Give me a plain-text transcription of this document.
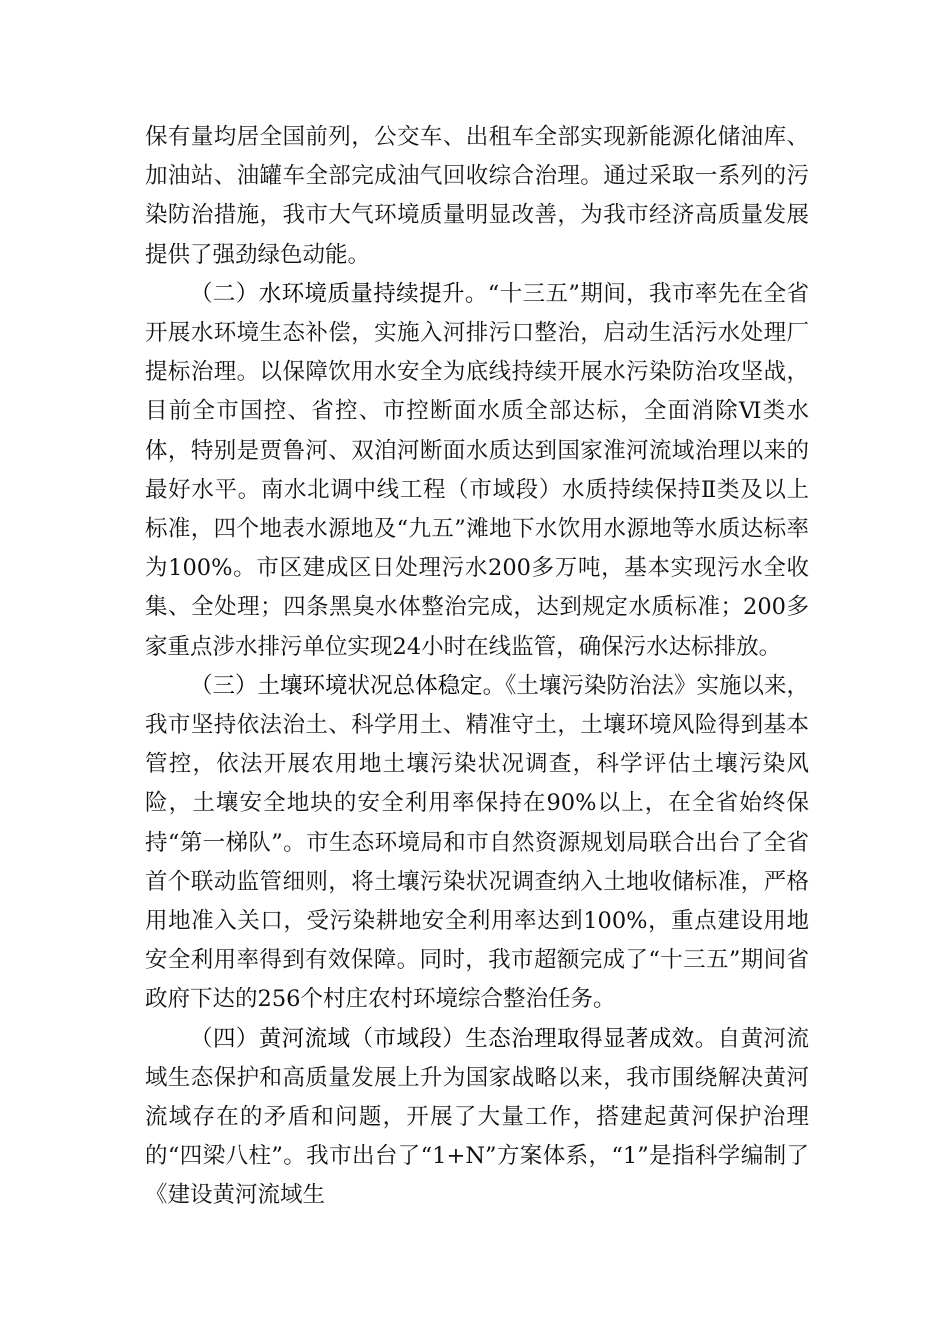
保有量均居全国前列，公交车、出租车全部实现新能源化储油库、加油站、油罐车全部完成油气回收综合治理。通过采取一系列的污染防治措施，我市大气环境质量明显改善，为我市经济高质量发展提供了强劲绿色动能。

（二）水环境质量持续提升。“十三五”期间，我市率先在全省开展水环境生态补偿，实施入河排污口整治，启动生活污水处理厂提标治理。以保障饮用水安全为底线持续开展水污染防治攻坚战，目前全市国控、省控、市控断面水质全部达标，全面消除Ⅵ类水体，特别是贾鲁河、双洎河断面水质达到国家淮河流域治理以来的最好水平。南水北调中线工程（市域段）水质持续保持Ⅱ类及以上标准，四个地表水源地及“九五”滩地下水饮用水源地等水质达标率为100%。市区建成区日处理污水200多万吨，基本实现污水全收集、全处理；四条黑臭水体整治完成，达到规定水质标准；200多家重点涉水排污单位实现24小时在线监管，确保污水达标排放。

（三）土壤环境状况总体稳定。《土壤污染防治法》实施以来，我市坚持依法治土、科学用土、精准守土，土壤环境风险得到基本管控，依法开展农用地土壤污染状况调查，科学评估土壤污染风险，土壤安全地块的安全利用率保持在90%以上，在全省始终保持“第一梯队”。市生态环境局和市自然资源规划局联合出台了全省首个联动监管细则，将土壤污染状况调查纳入土地收储标准，严格用地准入关口，受污染耕地安全利用率达到100%，重点建设用地安全利用率得到有效保障。同时，我市超额完成了“十三五”期间省政府下达的256个村庄农村环境综合整治任务。

（四）黄河流域（市域段）生态治理取得显著成效。自黄河流域生态保护和高质量发展上升为国家战略以来，我市围绕解决黄河流域存在的矛盾和问题，开展了大量工作，搭建起黄河保护治理的“四梁八柱”。我市出台了“1+N”方案体系，“1”是指科学编制了《建设黄河流域生
